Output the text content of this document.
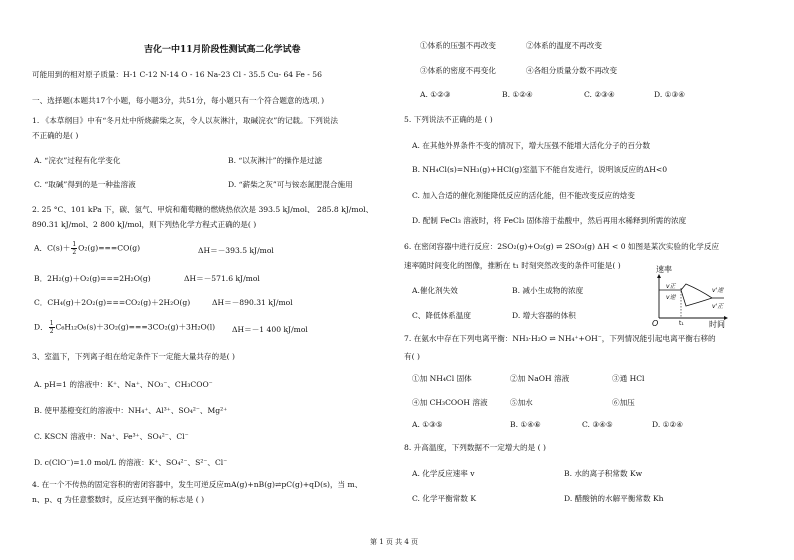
吉化一中11月阶段性测试高二化学试卷
可能用到的相对原子质量：H-1 C-12 N-14 O - 16 Na-23 Cl - 35.5 Cu- 64 Fe - 56
一、选择题(本题共17个小题，每小题3分，共51分，每小题只有一个符合题意的选项．)
1. 《本草纲目》中有“冬月灶中所烧薪柴之灰，令人以灰淋汁，取碱浣衣”的记载。下列说法
不正确的是( )
A. “浣衣”过程有化学变化	B. “以灰淋汁”的操作是过滤
C. “取碱”得到的是一种盐溶液	D. “薪柴之灰”可与铵态氮肥混合施用
2. 25 °C、101 kPa 下，碳、氢气、甲烷和葡萄糖的燃烧热依次是 393.5 kJ/mol、 285.8 kJ/mol、
890.31 kJ/mol、2 800 kJ/mol，则下列热化学方程式正确的是( )
A．$C(s)+ \frac{1}{2} O_2(g)===CO(g)$	ΔH＝－393.5 kJ/mol
B．2H₂(g)＋O₂(g)===2H₂O(g)	ΔH＝－571.6 kJ/mol
C．CH₄(g)＋2O₂(g)===CO₂(g)＋2H₂O(g)	ΔH＝－890.31 kJ/mol
D． $\frac{1}{2} C_6H_{12}O_6(s)+3O_2(g)===3CO_2(g)+3H_2O(l)$ ΔH＝－1 400 kJ/mol
3、室温下，下列离子组在给定条件下一定能大量共存的是( )
A. pH=1 的溶液中：K⁺、Na⁺、NO₃⁻、CH₃COO⁻
B. 使甲基橙变红的溶液中：NH₄⁺、Al³⁺、SO₄²⁻、Mg²⁺
C. KSCN 溶液中：Na⁺、Fe³⁺、SO₄²⁻、Cl⁻
D. c(ClO⁻)=1.0 mol/L 的溶液：K⁺、SO₄²⁻、S²⁻、Cl⁻
4. 在一个不传热的固定容积的密闭容器中，发生可逆反应mA(g)+nB(g)⇌pC(g)+qD(s)，当 m、
n、p、q 为任意整数时，反应达到平衡的标志是 ( )
①体系的压强不再改变	②体系的温度不再改变
③体系的密度不再变化	④各组分质量分数不再改变
A. ①②③	B. ①②④	C. ②③④	D. ①③④
5. 下列说法不正确的是 ( )
A. 在其他外界条件不变的情况下，增大压强不能增大活化分子的百分数
B. NH₄Cl(s)=NH₃(g)+HCl(g)室温下不能自发进行，说明该反应的ΔH<0
C. 加入合适的催化剂能降低反应的活化能，但不能改变反应的焓变
D. 配制 FeCl₃ 溶液时，将 FeCl₃ 固体溶于盐酸中，然后再用水稀释到所需的浓度
6. 在密闭容器中进行反应：2SO₂(g)+O₂(g) ⇌ 2SO₃(g) ΔH < 0 如图是某次实验的化学反应
速率随时间变化的图像，推断在 t₁ 时刻突然改变的条件可能是( )
A.催化剂失效	B. 减小生成物的浓度
C、降低体系温度	D. 增大容器的体积
速率
O	时间
t₁
v正
v逆
v'逆
v'正
7. 在氨水中存在下列电离平衡：NH₃·H₂O ⇌ NH₄⁺+OH⁻，下列情况能引起电离平衡右移的
有( )
①加 NH₄Cl 固体	②加 NaOH 溶液	③通 HCl
④加 CH₃COOH 溶液	⑤加水	⑥加压
A. ①③⑤	B. ①④⑥	C. ③④⑤	D. ①②④
8. 升高温度，下列数据不一定增大的是 ( )
A. 化学反应速率 v	B. 水的离子积常数 Kw
C. 化学平衡常数 K	D. 醋酸钠的水解平衡常数 Kh
第 1 页 共 4 页
